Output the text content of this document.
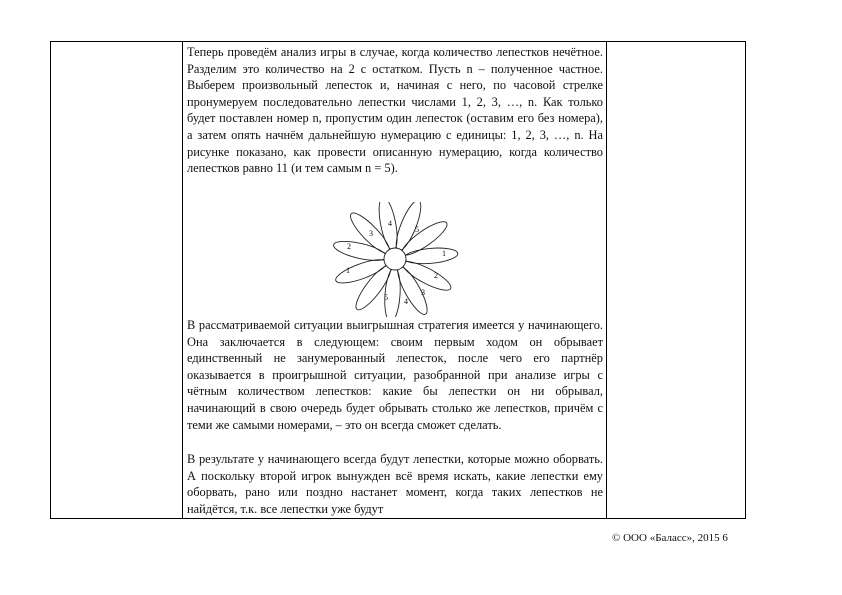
Теперь проведём анализ игры в случае, когда количество лепестков нечётное. Разделим это количество на 2 с остатком. Пусть n – полученное частное. Выберем произвольный лепесток и, начиная с него, по часовой стрелке пронумеруем последовательно лепестки числами 1, 2, 3, …, n. Как только будет поставлен номер n, пропустим один лепесток (оставим его без номера), а затем опять начнём дальнейшую нумерацию с единицы: 1, 2, 3, …, n. На рисунке показано, как провести описанную нумерацию, когда количество лепестков равно 11 (и тем самым n = 5).

1
2
3
4
5
1
2
3
4
5

В рассматриваемой ситуации выигрышная стратегия имеется у начинающего. Она заключается в следующем: своим первым ходом он обрывает единственный не занумерованный лепесток, после чего его партнёр оказывается в проигрышной ситуации, разобранной при анализе игры с чётным количеством лепестков: какие бы лепестки он ни обрывал, начинающий в свою очередь будет обрывать столько же лепестков, причём с теми же самыми номерами, – это он всегда сможет сделать.

В результате у начинающего всегда будут лепестки, которые можно оборвать. А поскольку второй игрок вынужден всё время искать, какие лепестки ему оборвать, рано или поздно настанет момент, когда таких лепестков не найдётся, т.к. все лепестки уже будут

© ООО «Баласс», 2015 6
